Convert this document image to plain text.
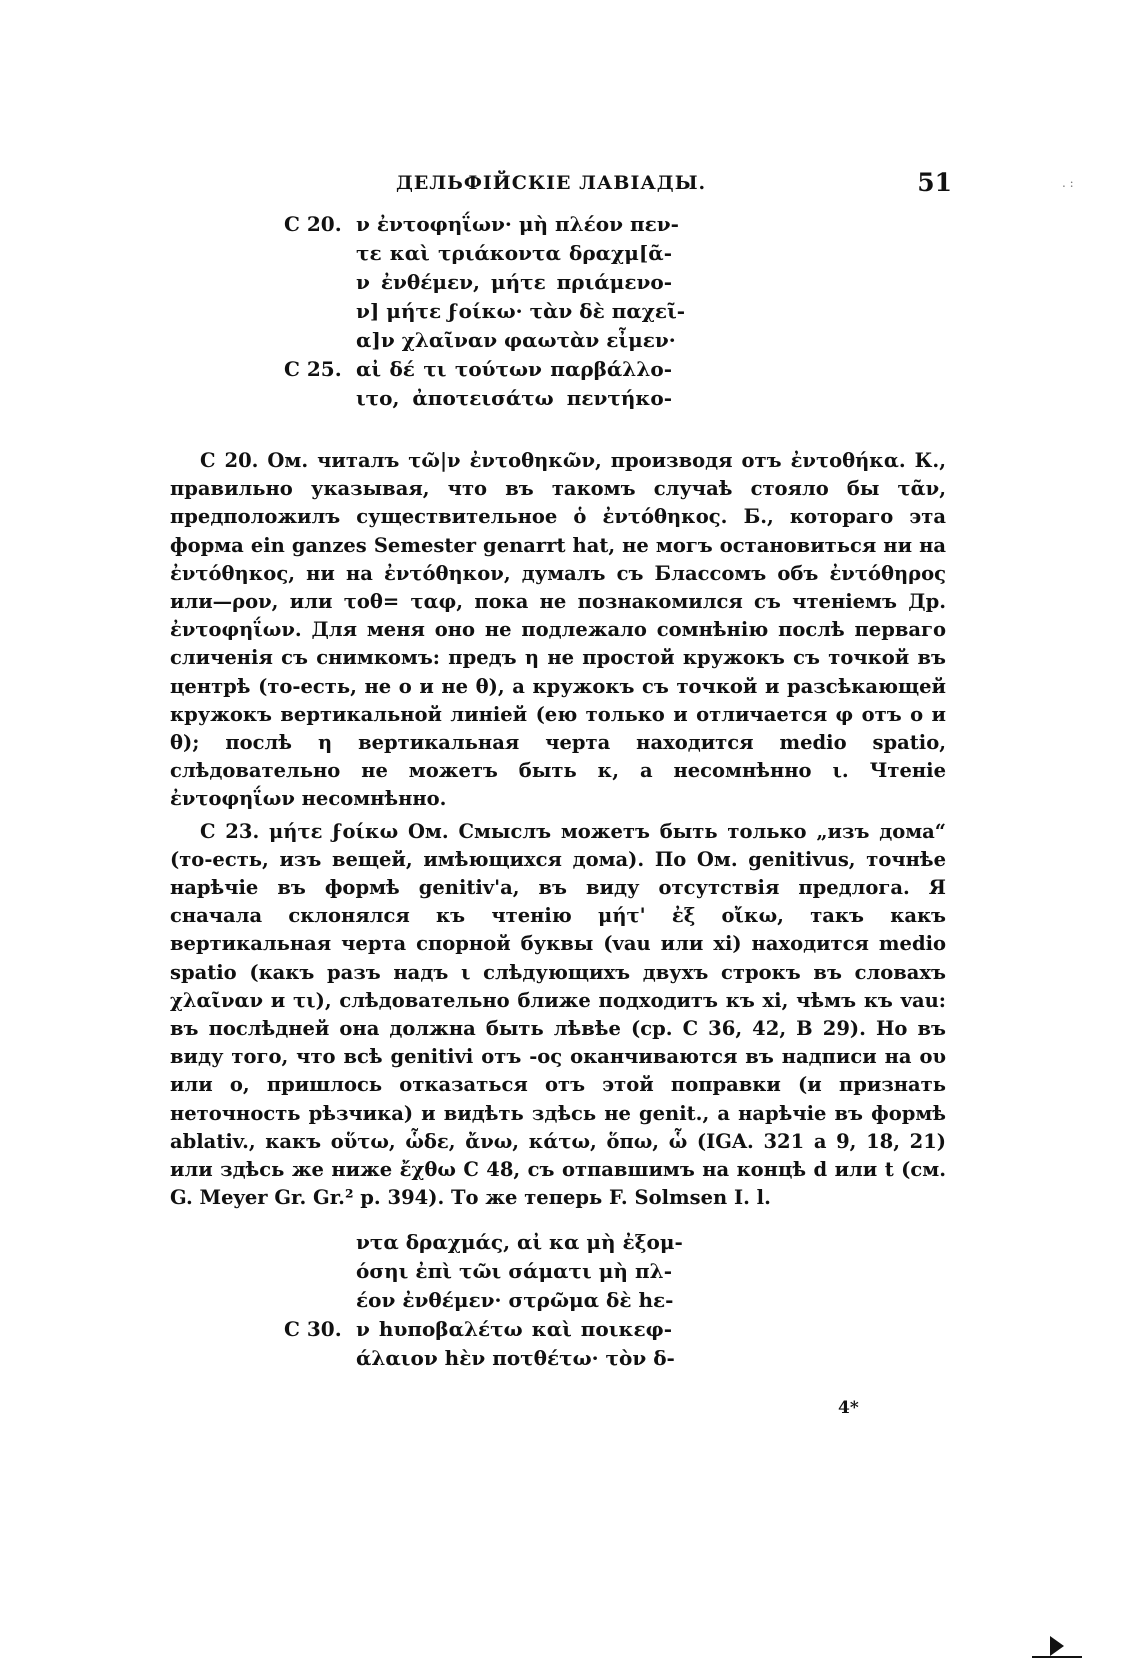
ДЕЛЬФІЙСКІЕ ЛАВІАДЫ.	51	. :
C 20. ν ἐντοφηΐων· μὴ πλέον πεν-
τε καὶ τριάκοντα δραχμ[ᾶ-
ν ἐνθέμεν, μήτε πριάμενο-
ν] μήτε ϝοίκω· τὰν δὲ παχεῖ-
α]ν χλαῖναν φαωτὰν εἶμεν·
C 25. αἰ δέ τι τούτων παρβάλλο-
ιτο, ἀποτεισάτω πεντήκο-

C 20. Ом. читалъ τῶ|ν ἐντοθηκῶν, производя отъ ἐντοθήκα. К., правильно указывая, что въ такомъ случаѣ стояло бы τᾶν, предположилъ существительное ὁ ἐντόθηκος. Б., котораго эта форма ein ganzes Semester genarrt hat, не могъ остановиться ни на ἐντόθηκος, ни на ἐντόθηκον, думалъ съ Блассомъ объ ἐντόθηρος или—ρον, или τοθ= ταφ, пока не познакомился съ чтеніемъ Др. ἐντοφηΐων. Для меня оно не подлежало сомнѣнію послѣ перваго сличенія съ снимкомъ: предъ η не простой кружокъ съ точкой въ центрѣ (то-есть, не ο и не θ), а кружокъ съ точкой и разсѣкающей кружокъ вертикальной линіей (ею только и отличается φ отъ ο и θ); послѣ η вертикальная черта находится medio spatio, слѣдовательно не можетъ быть κ, а несомнѣнно ι. Чтеніе ἐντοφηΐων несомнѣнно.

C 23. μήτε ϝοίκω Ом. Смыслъ можетъ быть только „изъ дома“ (то-есть, изъ вещей, имѣющихся дома). По Ом. genitivus, точнѣе нарѣчіе въ формѣ genitiv'а, въ виду отсутствія предлога. Я сначала склонялся къ чтенію μήτ' ἐξ οἴκω, такъ какъ вертикальная черта спорной буквы (vau или xi) находится medio spatio (какъ разъ надъ ι слѣдующихъ двухъ строкъ въ словахъ χλαῖναν и τι), слѣдовательно ближе подходитъ къ xi, чѣмъ къ vau: въ послѣдней она должна быть лѣвѣе (ср. C 36, 42, B 29). Но въ виду того, что всѣ genitivi отъ -ος оканчиваются въ надписи на ου или ο, пришлось отказаться отъ этой поправки (и признать неточность рѣзчика) и видѣть здѣсь не genit., а нарѣчіе въ формѣ ablativ., какъ οὕτω, ὧδε, ἄνω, κάτω, ὅπω, ὧ (IGA. 321 a 9, 18, 21) или здѣсь же ниже ἔχθω C 48, съ отпавшимъ на концѣ d или t (см. G. Meyer Gr. Gr.² p. 394). То же теперь F. Solmsen I. l.

ντα δραχμάς, αἰ κα μὴ ἐξομ-
όσηι ἐπὶ τῶι σάματι μὴ πλ-
έον ἐνθέμεν· στρῶμα δὲ hε-
C 30. ν hυποβαλέτω καὶ ποικεφ-
άλαιον hὲν ποτθέτω· τὸν δ-
4*
